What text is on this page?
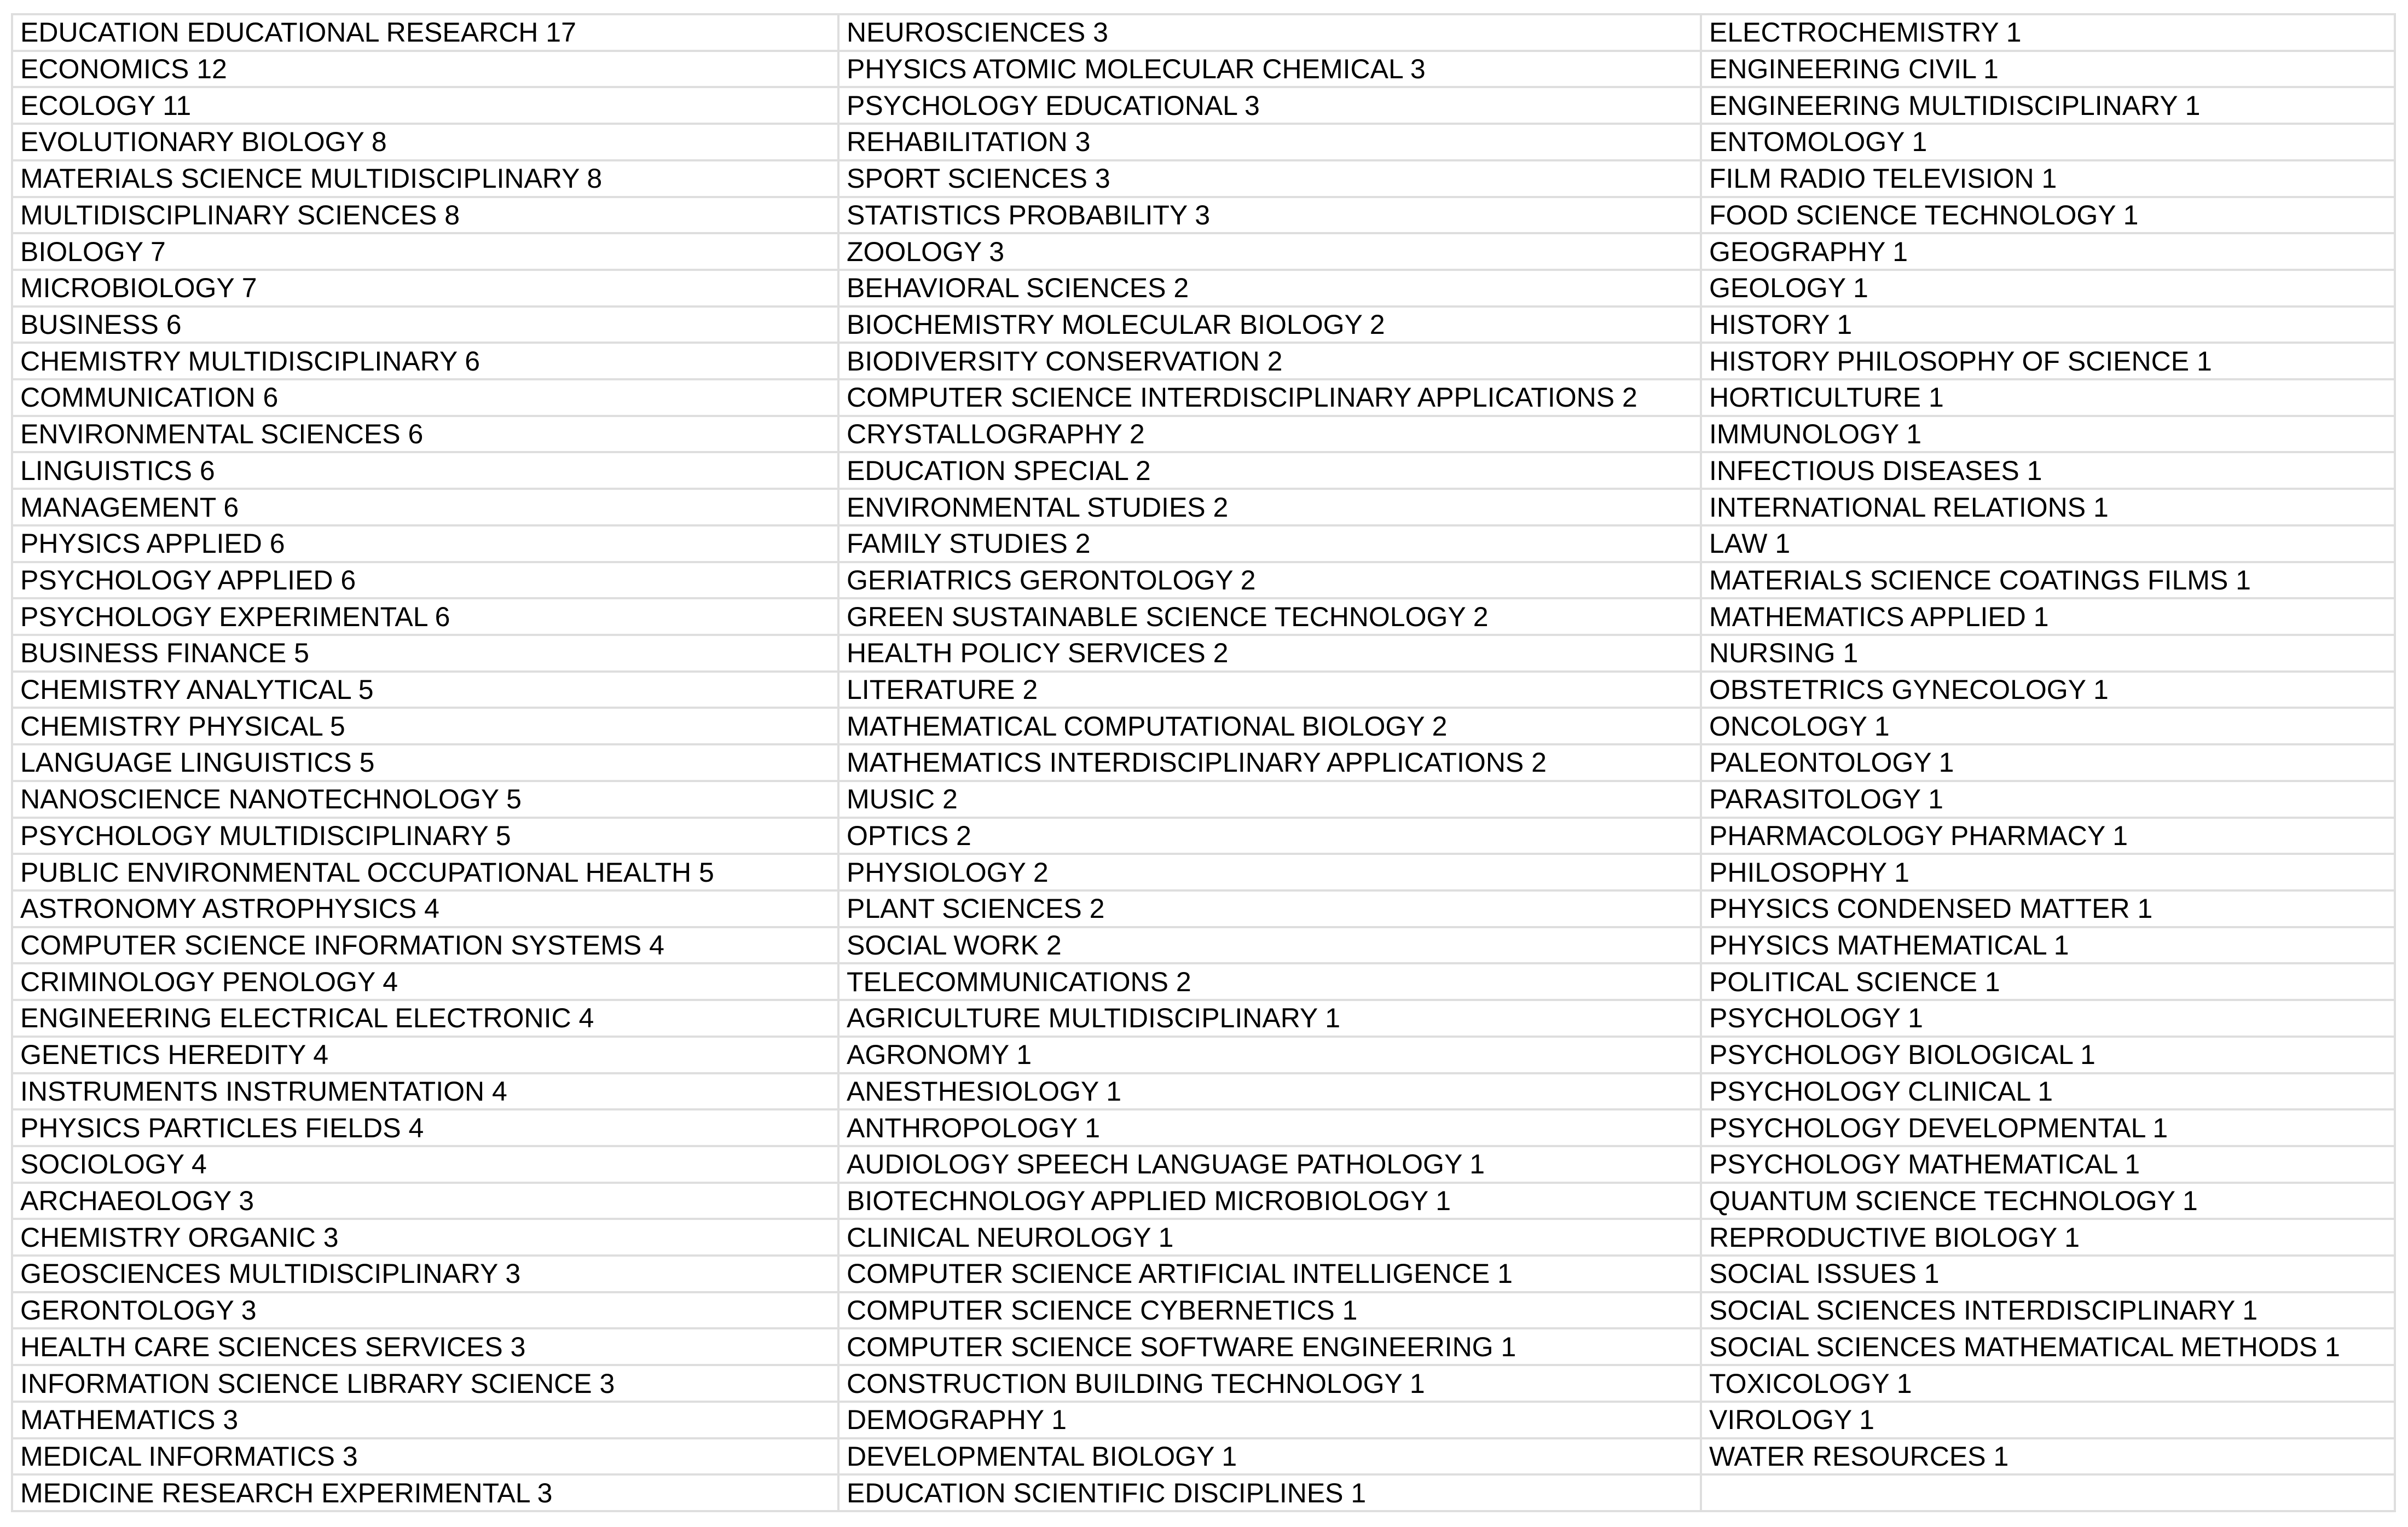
EDUCATION EDUCATIONAL RESEARCH 17
ECONOMICS 12
ECOLOGY 11
EVOLUTIONARY BIOLOGY 8
MATERIALS SCIENCE MULTIDISCIPLINARY 8
MULTIDISCIPLINARY SCIENCES 8
BIOLOGY 7
MICROBIOLOGY 7
BUSINESS 6
CHEMISTRY MULTIDISCIPLINARY 6
COMMUNICATION 6
ENVIRONMENTAL SCIENCES 6
LINGUISTICS 6
MANAGEMENT 6
PHYSICS APPLIED 6
PSYCHOLOGY APPLIED 6
PSYCHOLOGY EXPERIMENTAL 6
BUSINESS FINANCE 5
CHEMISTRY ANALYTICAL 5
CHEMISTRY PHYSICAL 5
LANGUAGE LINGUISTICS 5
NANOSCIENCE NANOTECHNOLOGY 5
PSYCHOLOGY MULTIDISCIPLINARY 5
PUBLIC ENVIRONMENTAL OCCUPATIONAL HEALTH 5
ASTRONOMY ASTROPHYSICS 4
COMPUTER SCIENCE INFORMATION SYSTEMS 4
CRIMINOLOGY PENOLOGY 4
ENGINEERING ELECTRICAL ELECTRONIC 4
GENETICS HEREDITY 4
INSTRUMENTS INSTRUMENTATION 4
PHYSICS PARTICLES FIELDS 4
SOCIOLOGY 4
ARCHAEOLOGY 3
CHEMISTRY ORGANIC 3
GEOSCIENCES MULTIDISCIPLINARY 3
GERONTOLOGY 3
HEALTH CARE SCIENCES SERVICES 3
INFORMATION SCIENCE LIBRARY SCIENCE 3
MATHEMATICS 3
MEDICAL INFORMATICS 3
MEDICINE RESEARCH EXPERIMENTAL 3
NEUROSCIENCES 3
PHYSICS ATOMIC MOLECULAR CHEMICAL 3
PSYCHOLOGY EDUCATIONAL 3
REHABILITATION 3
SPORT SCIENCES 3
STATISTICS PROBABILITY 3
ZOOLOGY 3
BEHAVIORAL SCIENCES 2
BIOCHEMISTRY MOLECULAR BIOLOGY 2
BIODIVERSITY CONSERVATION 2
COMPUTER SCIENCE INTERDISCIPLINARY APPLICATIONS 2
CRYSTALLOGRAPHY 2
EDUCATION SPECIAL 2
ENVIRONMENTAL STUDIES 2
FAMILY STUDIES 2
GERIATRICS GERONTOLOGY 2
GREEN SUSTAINABLE SCIENCE TECHNOLOGY 2
HEALTH POLICY SERVICES 2
LITERATURE 2
MATHEMATICAL COMPUTATIONAL BIOLOGY 2
MATHEMATICS INTERDISCIPLINARY APPLICATIONS 2
MUSIC 2
OPTICS 2
PHYSIOLOGY 2
PLANT SCIENCES 2
SOCIAL WORK 2
TELECOMMUNICATIONS 2
AGRICULTURE MULTIDISCIPLINARY 1
AGRONOMY 1
ANESTHESIOLOGY 1
ANTHROPOLOGY 1
AUDIOLOGY SPEECH LANGUAGE PATHOLOGY 1
BIOTECHNOLOGY APPLIED MICROBIOLOGY 1
CLINICAL NEUROLOGY 1
COMPUTER SCIENCE ARTIFICIAL INTELLIGENCE 1
COMPUTER SCIENCE CYBERNETICS 1
COMPUTER SCIENCE SOFTWARE ENGINEERING 1
CONSTRUCTION BUILDING TECHNOLOGY 1
DEMOGRAPHY 1
DEVELOPMENTAL BIOLOGY 1
EDUCATION SCIENTIFIC DISCIPLINES 1
ELECTROCHEMISTRY 1
ENGINEERING CIVIL 1
ENGINEERING MULTIDISCIPLINARY 1
ENTOMOLOGY 1
FILM RADIO TELEVISION 1
FOOD SCIENCE TECHNOLOGY 1
GEOGRAPHY 1
GEOLOGY 1
HISTORY 1
HISTORY PHILOSOPHY OF SCIENCE 1
HORTICULTURE 1
IMMUNOLOGY 1
INFECTIOUS DISEASES 1
INTERNATIONAL RELATIONS 1
LAW 1
MATERIALS SCIENCE COATINGS FILMS 1
MATHEMATICS APPLIED 1
NURSING 1
OBSTETRICS GYNECOLOGY 1
ONCOLOGY 1
PALEONTOLOGY 1
PARASITOLOGY 1
PHARMACOLOGY PHARMACY 1
PHILOSOPHY 1
PHYSICS CONDENSED MATTER 1
PHYSICS MATHEMATICAL 1
POLITICAL SCIENCE 1
PSYCHOLOGY 1
PSYCHOLOGY BIOLOGICAL 1
PSYCHOLOGY CLINICAL 1
PSYCHOLOGY DEVELOPMENTAL 1
PSYCHOLOGY MATHEMATICAL 1
QUANTUM SCIENCE TECHNOLOGY 1
REPRODUCTIVE BIOLOGY 1
SOCIAL ISSUES 1
SOCIAL SCIENCES INTERDISCIPLINARY 1
SOCIAL SCIENCES MATHEMATICAL METHODS 1
TOXICOLOGY 1
VIROLOGY 1
WATER RESOURCES 1
